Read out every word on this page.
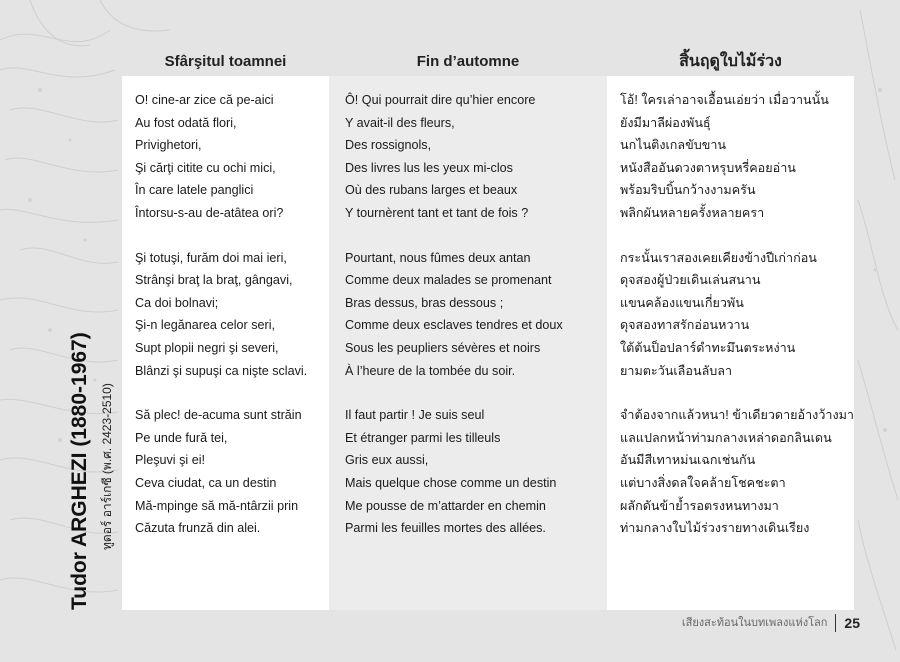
Sfârşitul toamnei	Fin d’automne	สิ้นฤดูใบไม้ร่วง
O! cine-ar zice că pe-aici
Au fost odată flori,
Privighetori,
Şi cărţi citite cu ochi mici,
În care latele panglici
Întorsu-s-au de-atâtea ori?
Şi totuşi, furăm doi mai ieri,
Strânşi braţ la braţ, gângavi,
Ca doi bolnavi;
Şi-n legănarea celor seri,
Supt plopii negri şi severi,
Blânzi şi supuşi ca nişte sclavi.
Să plec! de-acuma sunt străin
Pe unde fură tei,
Pleşuvi şi ei!
Ceva ciudat, ca un destin
Mă-mpinge să mă-ntârzii prin
Căzuta frunză din alei.
Ô! Qui pourrait dire qu’hier encore
Y avait-il des fleurs,
Des rossignols,
Des livres lus les yeux mi-clos
Où des rubans larges et beaux
Y tournèrent tant et tant de fois ?
Pourtant, nous fûmes deux antan
Comme deux malades se promenant
Bras dessus, bras dessous ;
Comme deux esclaves tendres et doux
Sous les peupliers sévères et noirs
À l’heure de la tombée du soir.
Il faut partir ! Je suis seul
Et étranger parmi les tilleuls
Gris eux aussi,
Mais quelque chose comme un destin
Me pousse de m’attarder en chemin
Parmi les feuilles mortes des allées.
โอ้! ใครเล่าอาจเอื้อนเอ่ยว่า เมื่อวานนั้น
ยังมีมาลีผ่องพันธุ์
นกไนติงเกลขับขาน
หนังสืออันดวงตาหรุบหรี่คอยอ่าน
พร้อมริบบิ้นกว้างงามครัน
พลิกผันหลายครั้งหลายครา
กระนั้นเราสองเคยเคียงข้างปีเก่าก่อน
ดุจสองผู้ป่วยเดินเล่นสนาน
แขนคล้องแขนเกี่ยวพัน
ดุจสองทาสรักอ่อนหวาน
ใต้ต้นป็อปลาร์ดำทะมึนตระหง่าน
ยามตะวันเลือนลับลา
จำต้องจากแล้วหนา! ข้าเดียวดายอ้างว้างมา
แลแปลกหน้าท่ามกลางเหล่าดอกลินเดน
อันมีสีเทาหม่นเฉกเช่นกัน
แต่บางสิ่งดลใจคล้ายโชคชะตา
ผลักดันข้าย้ำรอตรงหนทางมา
ท่ามกลางใบไม้ร่วงรายทางเดินเรียง
Tudor ARGHEZI (1880-1967) ทูดอร์ อาร์เกซี (พ.ศ. 2423-2510)
เสียงสะท้อนในบทเพลงแห่งโลก 25
